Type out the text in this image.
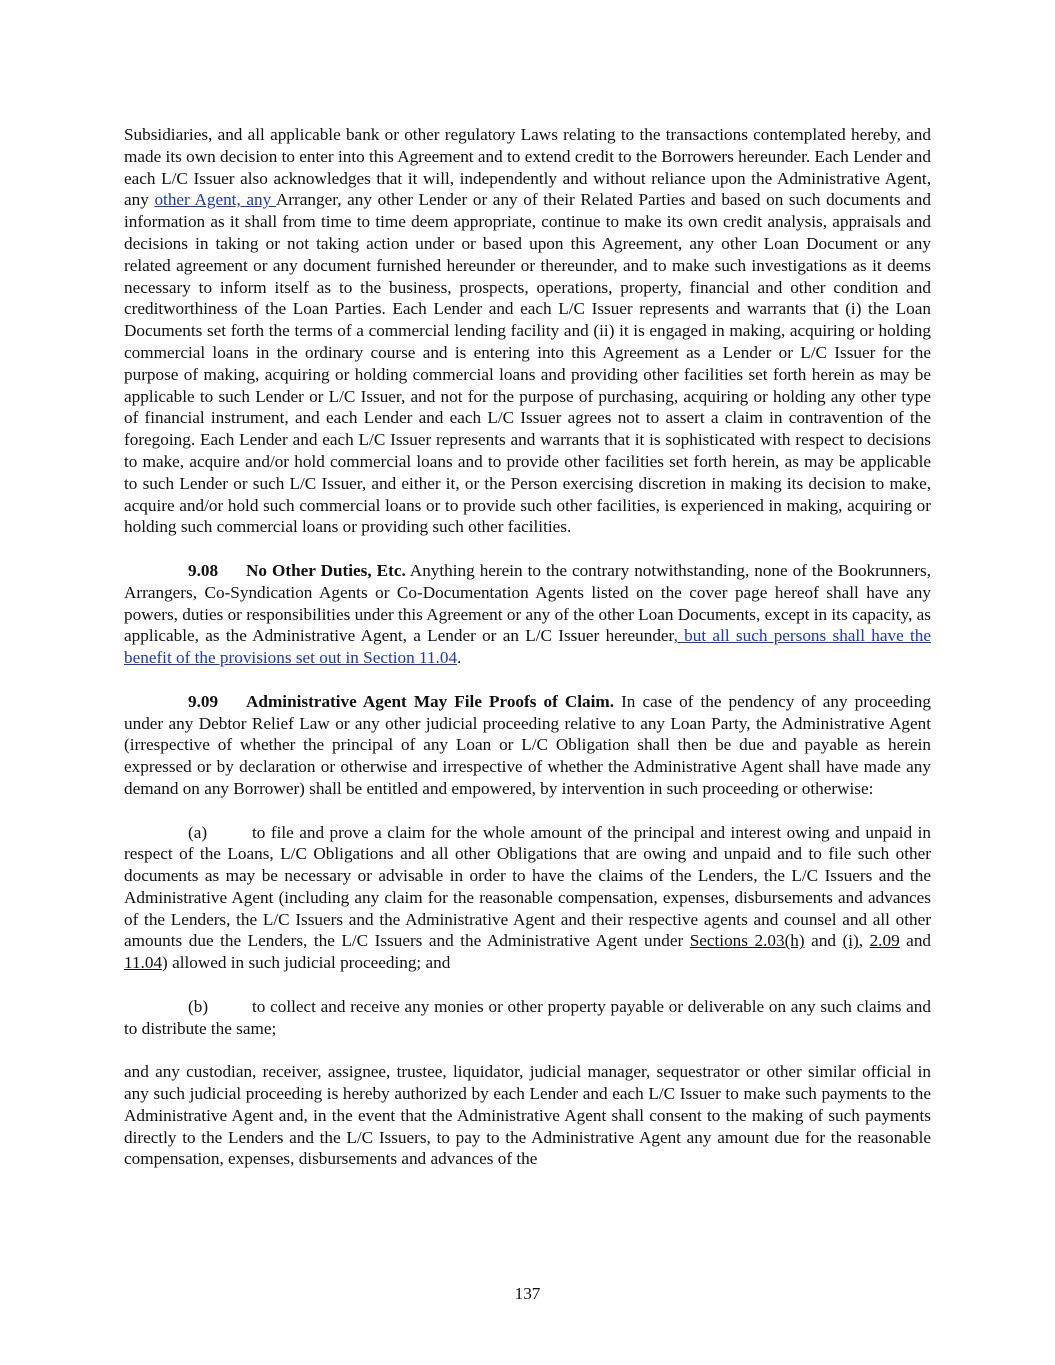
Subsidiaries, and all applicable bank or other regulatory Laws relating to the transactions contemplated hereby, and made its own decision to enter into this Agreement and to extend credit to the Borrowers hereunder. Each Lender and each L/C Issuer also acknowledges that it will, independently and without reliance upon the Administrative Agent, any other Agent, any Arranger, any other Lender or any of their Related Parties and based on such documents and information as it shall from time to time deem appropriate, continue to make its own credit analysis, appraisals and decisions in taking or not taking action under or based upon this Agreement, any other Loan Document or any related agreement or any document furnished hereunder or thereunder, and to make such investigations as it deems necessary to inform itself as to the business, prospects, operations, property, financial and other condition and creditworthiness of the Loan Parties. Each Lender and each L/C Issuer represents and warrants that (i) the Loan Documents set forth the terms of a commercial lending facility and (ii) it is engaged in making, acquiring or holding commercial loans in the ordinary course and is entering into this Agreement as a Lender or L/C Issuer for the purpose of making, acquiring or holding commercial loans and providing other facilities set forth herein as may be applicable to such Lender or L/C Issuer, and not for the purpose of purchasing, acquiring or holding any other type of financial instrument, and each Lender and each L/C Issuer agrees not to assert a claim in contravention of the foregoing. Each Lender and each L/C Issuer represents and warrants that it is sophisticated with respect to decisions to make, acquire and/or hold commercial loans and to provide other facilities set forth herein, as may be applicable to such Lender or such L/C Issuer, and either it, or the Person exercising discretion in making its decision to make, acquire and/or hold such commercial loans or to provide such other facilities, is experienced in making, acquiring or holding such commercial loans or providing such other facilities.

9.08 No Other Duties, Etc. Anything herein to the contrary notwithstanding, none of the Bookrunners, Arrangers, Co-Syndication Agents or Co-Documentation Agents listed on the cover page hereof shall have any powers, duties or responsibilities under this Agreement or any of the other Loan Documents, except in its capacity, as applicable, as the Administrative Agent, a Lender or an L/C Issuer hereunder, but all such persons shall have the benefit of the provisions set out in Section 11.04.

9.09 Administrative Agent May File Proofs of Claim. In case of the pendency of any proceeding under any Debtor Relief Law or any other judicial proceeding relative to any Loan Party, the Administrative Agent (irrespective of whether the principal of any Loan or L/C Obligation shall then be due and payable as herein expressed or by declaration or otherwise and irrespective of whether the Administrative Agent shall have made any demand on any Borrower) shall be entitled and empowered, by intervention in such proceeding or otherwise:

(a)	to file and prove a claim for the whole amount of the principal and interest owing and unpaid in respect of the Loans, L/C Obligations and all other Obligations that are owing and unpaid and to file such other documents as may be necessary or advisable in order to have the claims of the Lenders, the L/C Issuers and the Administrative Agent (including any claim for the reasonable compensation, expenses, disbursements and advances of the Lenders, the L/C Issuers and the Administrative Agent and their respective agents and counsel and all other amounts due the Lenders, the L/C Issuers and the Administrative Agent under Sections 2.03(h) and (i), 2.09 and 11.04) allowed in such judicial proceeding; and

(b)	to collect and receive any monies or other property payable or deliverable on any such claims and to distribute the same;

and any custodian, receiver, assignee, trustee, liquidator, judicial manager, sequestrator or other similar official in any such judicial proceeding is hereby authorized by each Lender and each L/C Issuer to make such payments to the Administrative Agent and, in the event that the Administrative Agent shall consent to the making of such payments directly to the Lenders and the L/C Issuers, to pay to the Administrative Agent any amount due for the reasonable compensation, expenses, disbursements and advances of the

137
